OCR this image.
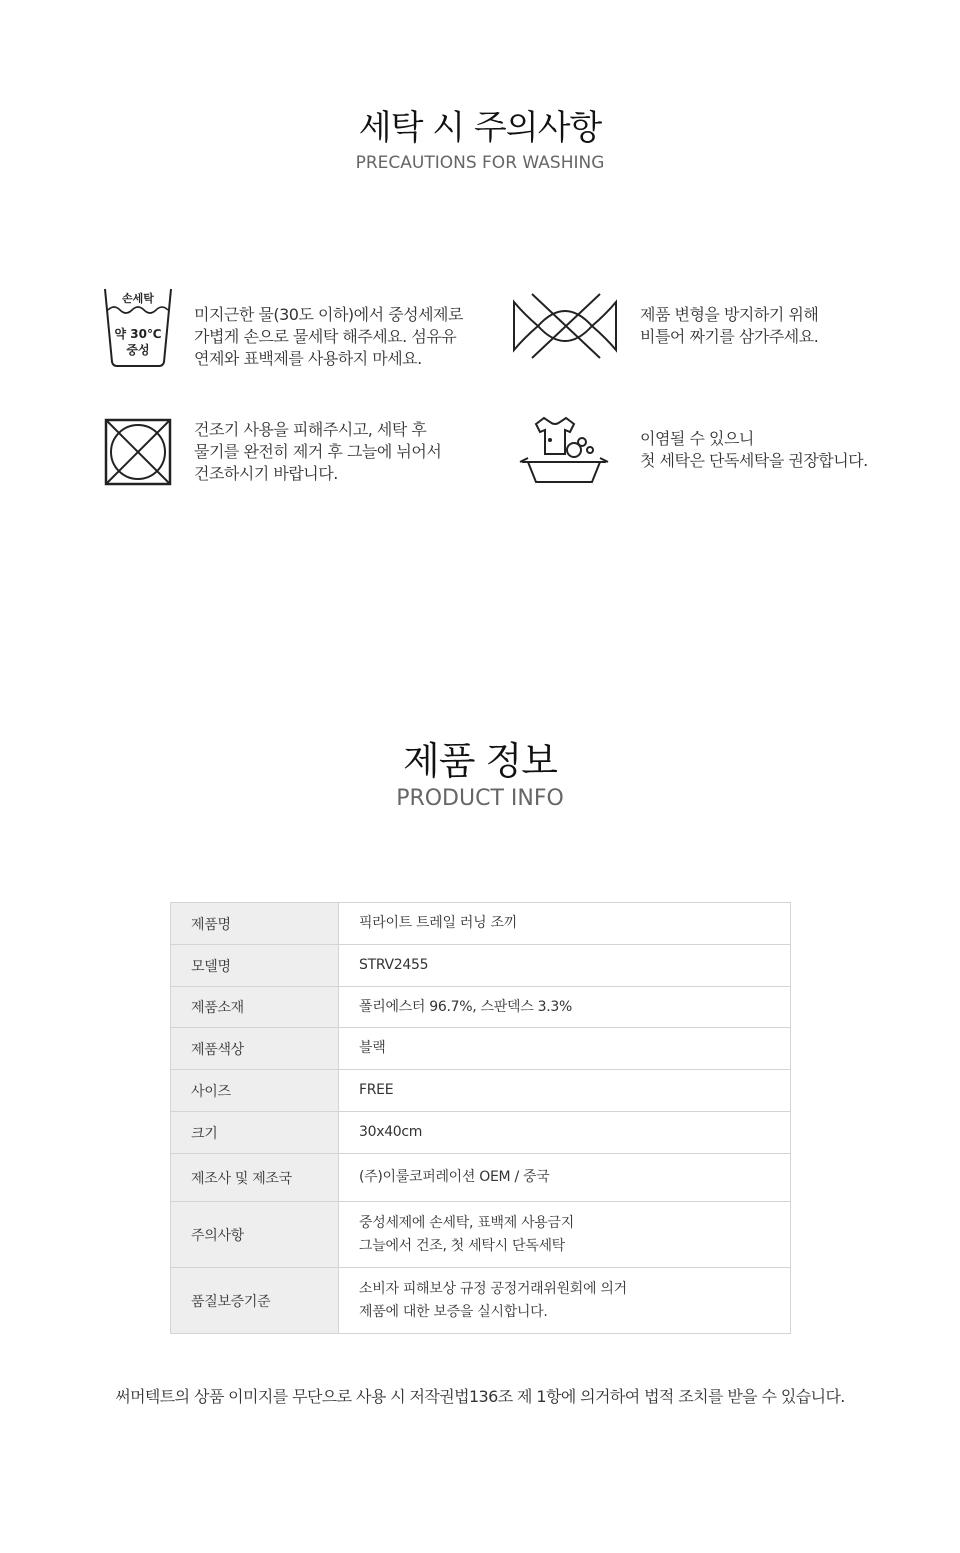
세탁 시 주의사항
PRECAUTIONS FOR WASHING
손세탁
약 30℃
중성
미지근한 물(30도 이하)에서 중성세제로
가볍게 손으로 물세탁 해주세요. 섬유유
연제와 표백제를 사용하지 마세요.
제품 변형을 방지하기 위해
비틀어 짜기를 삼가주세요.
건조기 사용을 피해주시고, 세탁 후
물기를 완전히 제거 후 그늘에 뉘어서
건조하시기 바랍니다.
이염될 수 있으니
첫 세탁은 단독세탁을 권장합니다.
제품 정보
PRODUCT INFO
제품명	픽라이트 트레일 러닝 조끼
모델명	STRV2455
제품소재	폴리에스터 96.7%, 스판덱스 3.3%
제품색상	블랙
사이즈	FREE
크기	30x40cm
제조사 및 제조국	(주)이룰코퍼레이션 OEM / 중국
주의사항	중성세제에 손세탁, 표백제 사용금지
그늘에서 건조, 첫 세탁시 단독세탁
품질보증기준	소비자 피해보상 규정 공정거래위원회에 의거
제품에 대한 보증을 실시합니다.
써머텍트의 상품 이미지를 무단으로 사용 시 저작권법136조 제 1항에 의거하여 법적 조치를 받을 수 있습니다.
